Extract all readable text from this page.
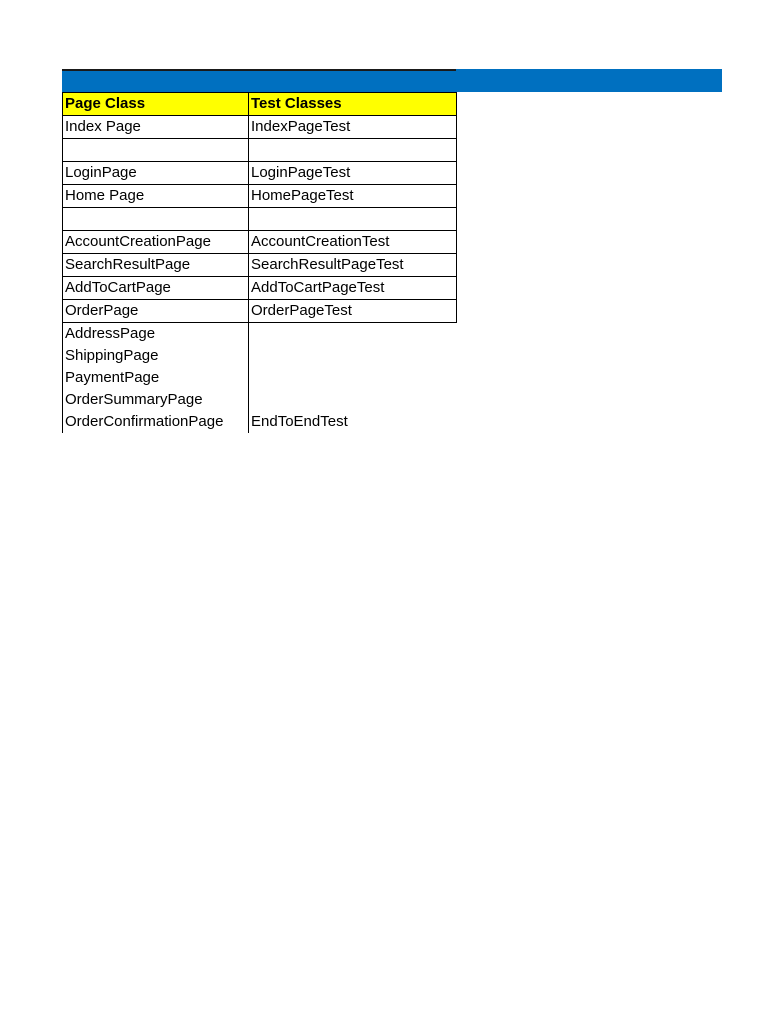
Page Class	Test Classes
Index Page	IndexPageTest

LoginPage	LoginPageTest
Home Page	HomePageTest

AccountCreationPage	AccountCreationTest
SearchResultPage	SearchResultPageTest
AddToCartPage	AddToCartPageTest
OrderPage	OrderPageTest
AddressPage	
ShippingPage	
PaymentPage	
OrderSummaryPage	
OrderConfirmationPage	EndToEndTest
